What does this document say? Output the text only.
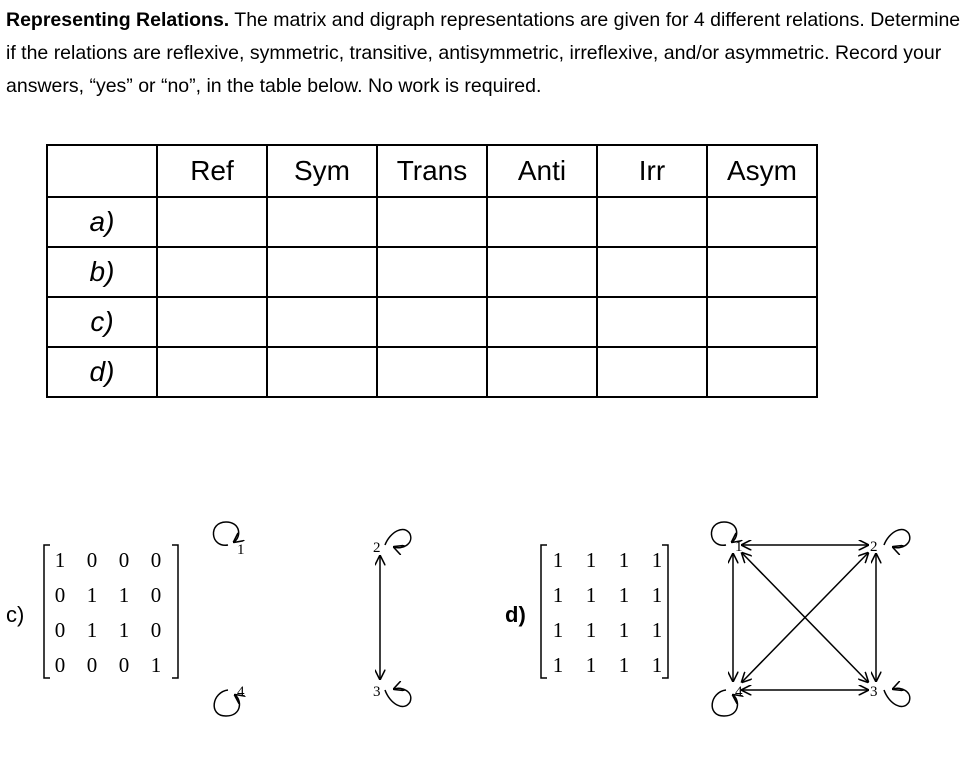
Representing Relations. The matrix and digraph representations are given for 4 different relations. Determine if the relations are reflexive, symmetric, transitive, antisymmetric, irreflexive, and/or asymmetric. Record your answers, “yes” or “no”, in the table below. No work is required.
	Ref	Sym	Trans	Anti	Irr	Asym
a)						
b)						
c)						
d)						
c)	d)
1 0 0 0
0 1 1 0
0 1 1 0
0 0 0 1
1 1 1 1
1 1 1 1
1 1 1 1
1 1 1 1
1
4
2
3
1	2
4	3
